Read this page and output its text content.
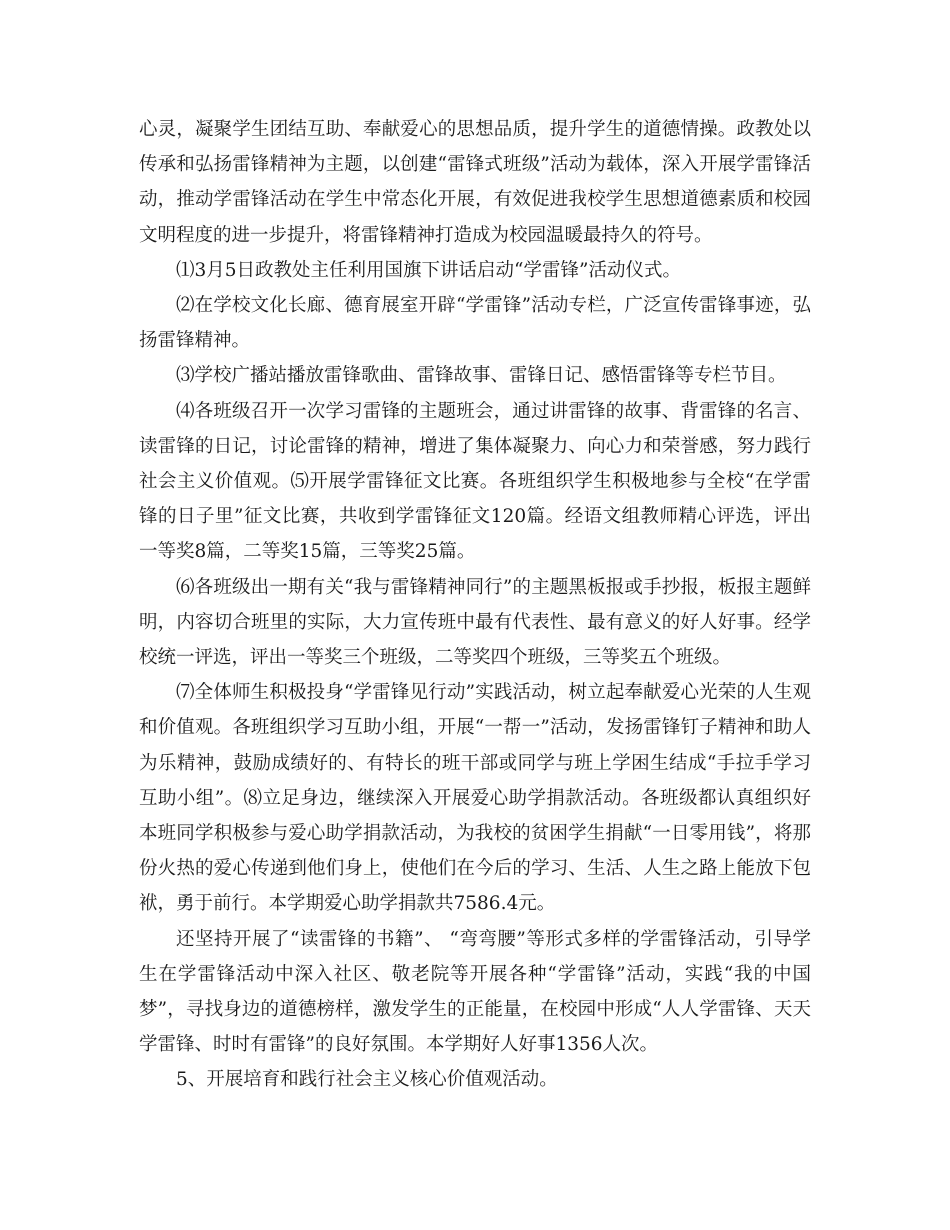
心灵，凝聚学生团结互助、奉献爱心的思想品质，提升学生的道德情操。政教处以传承和弘扬雷锋精神为主题，以创建“雷锋式班级”活动为载体，深入开展学雷锋活动，推动学雷锋活动在学生中常态化开展，有效促进我校学生思想道德素质和校园文明程度的进一步提升，将雷锋精神打造成为校园温暖最持久的符号。

⑴3月5日政教处主任利用国旗下讲话启动“学雷锋”活动仪式。

⑵在学校文化长廊、德育展室开辟“学雷锋”活动专栏，广泛宣传雷锋事迹，弘扬雷锋精神。

⑶学校广播站播放雷锋歌曲、雷锋故事、雷锋日记、感悟雷锋等专栏节目。

⑷各班级召开一次学习雷锋的主题班会，通过讲雷锋的故事、背雷锋的名言、读雷锋的日记，讨论雷锋的精神，增进了集体凝聚力、向心力和荣誉感，努力践行社会主义价值观。⑸开展学雷锋征文比赛。各班组织学生积极地参与全校“在学雷锋的日子里”征文比赛，共收到学雷锋征文120篇。经语文组教师精心评选，评出一等奖8篇，二等奖15篇，三等奖25篇。

⑹各班级出一期有关“我与雷锋精神同行”的主题黑板报或手抄报，板报主题鲜明，内容切合班里的实际，大力宣传班中最有代表性、最有意义的好人好事。经学校统一评选，评出一等奖三个班级，二等奖四个班级，三等奖五个班级。

⑺全体师生积极投身“学雷锋见行动”实践活动，树立起奉献爱心光荣的人生观和价值观。各班组织学习互助小组，开展“一帮一”活动，发扬雷锋钉子精神和助人为乐精神，鼓励成绩好的、有特长的班干部或同学与班上学困生结成“手拉手学习互助小组”。⑻立足身边，继续深入开展爱心助学捐款活动。各班级都认真组织好本班同学积极参与爱心助学捐款活动，为我校的贫困学生捐献“一日零用钱”，将那份火热的爱心传递到他们身上，使他们在今后的学习、生活、人生之路上能放下包袱，勇于前行。本学期爱心助学捐款共7586.4元。

还坚持开展了“读雷锋的书籍”、 “弯弯腰”等形式多样的学雷锋活动，引导学生在学雷锋活动中深入社区、敬老院等开展各种“学雷锋”活动，实践“我的中国梦”，寻找身边的道德榜样，激发学生的正能量，在校园中形成“人人学雷锋、天天学雷锋、时时有雷锋”的良好氛围。本学期好人好事1356人次。

5、开展培育和践行社会主义核心价值观活动。
